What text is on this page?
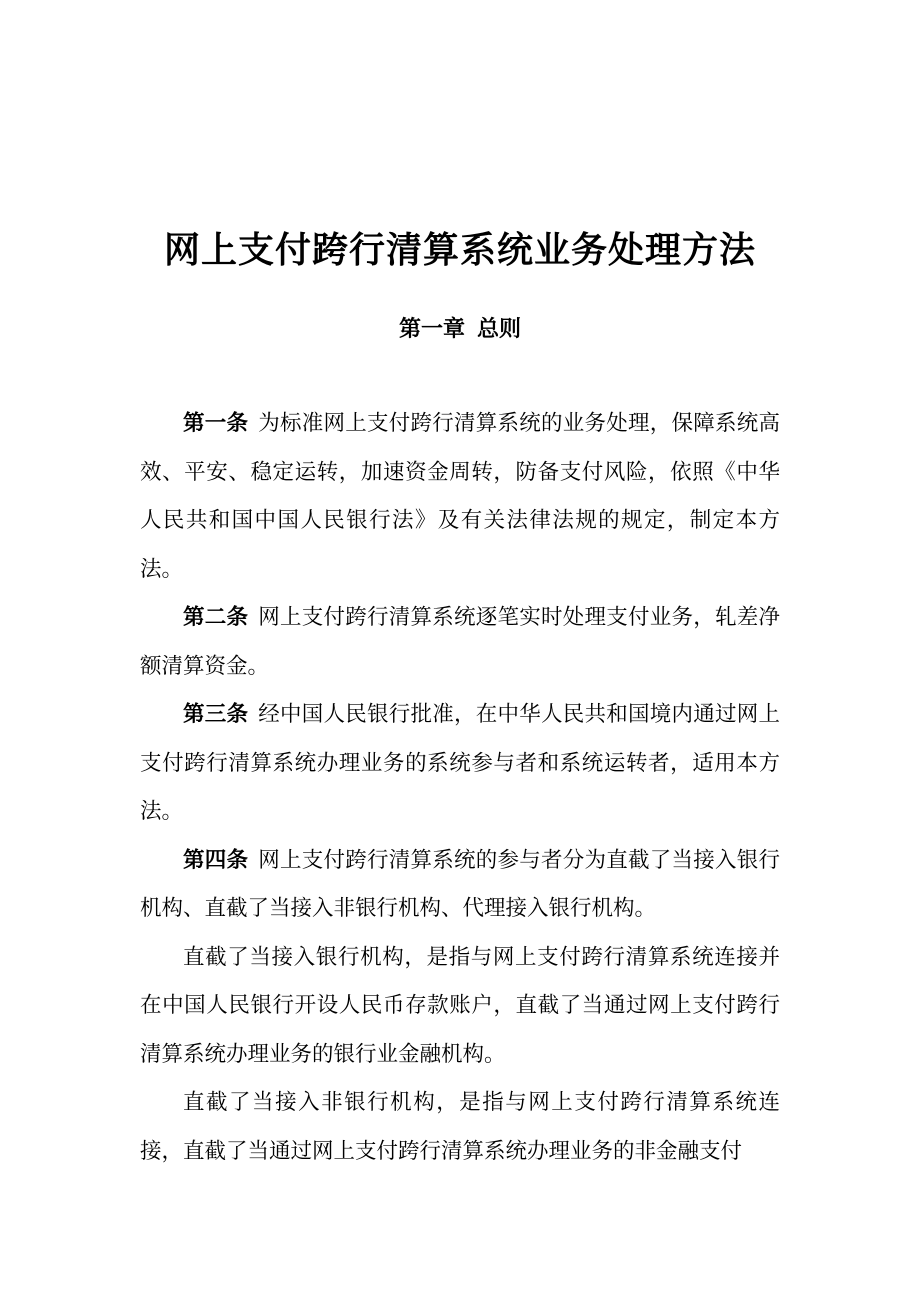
网上支付跨行清算系统业务处理方法
第一章 总则

第一条 为标准网上支付跨行清算系统的业务处理，保障系统高效、平安、稳定运转，加速资金周转，防备支付风险，依照《中华人民共和国中国人民银行法》及有关法律法规的规定，制定本方法。

第二条 网上支付跨行清算系统逐笔实时处理支付业务，轧差净额清算资金。

第三条 经中国人民银行批准，在中华人民共和国境内通过网上支付跨行清算系统办理业务的系统参与者和系统运转者，适用本方法。

第四条 网上支付跨行清算系统的参与者分为直截了当接入银行机构、直截了当接入非银行机构、代理接入银行机构。

直截了当接入银行机构，是指与网上支付跨行清算系统连接并在中国人民银行开设人民币存款账户，直截了当通过网上支付跨行清算系统办理业务的银行业金融机构。

直截了当接入非银行机构，是指与网上支付跨行清算系统连接，直截了当通过网上支付跨行清算系统办理业务的非金融支付
